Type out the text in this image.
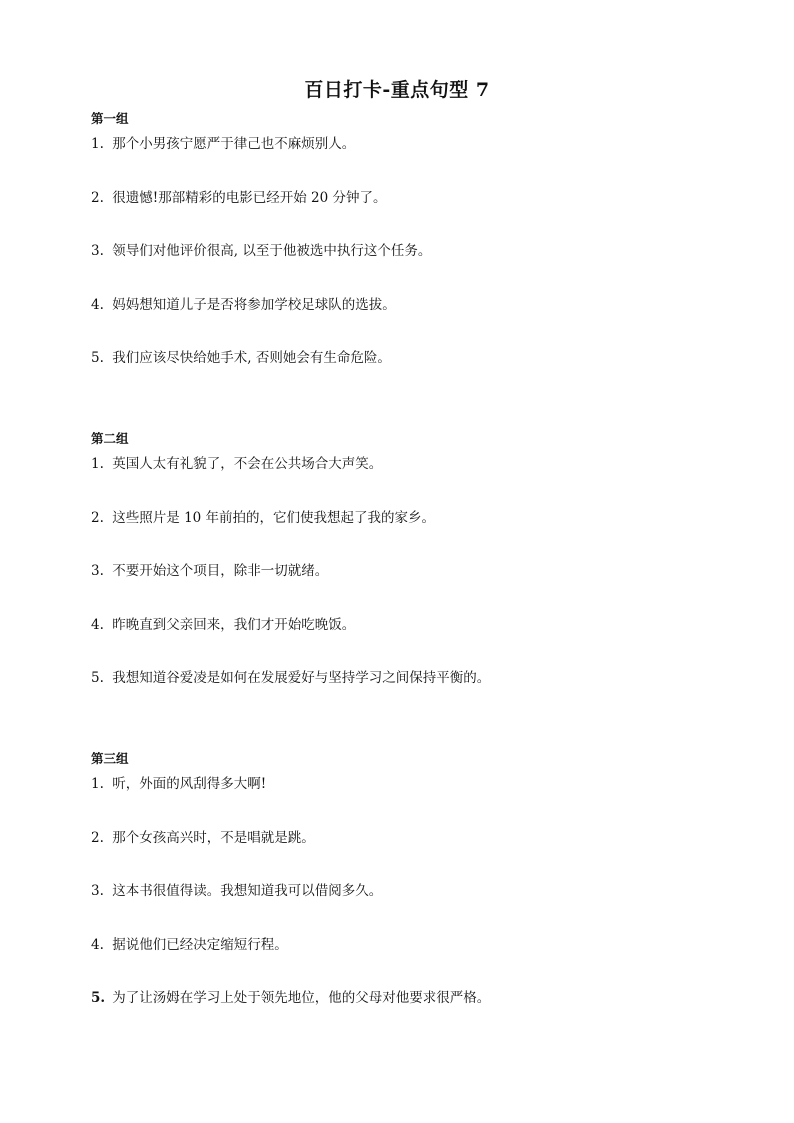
百日打卡-重点句型 7
第一组
1. 那个小男孩宁愿严于律己也不麻烦别人。
2. 很遗憾!那部精彩的电影已经开始 20 分钟了。
3. 领导们对他评价很高, 以至于他被选中执行这个任务。
4. 妈妈想知道儿子是否将参加学校足球队的选拔。
5. 我们应该尽快给她手术, 否则她会有生命危险。
第二组
1. 英国人太有礼貌了，不会在公共场合大声笑。
2. 这些照片是 10 年前拍的，它们使我想起了我的家乡。
3. 不要开始这个项目，除非一切就绪。
4. 昨晚直到父亲回来，我们才开始吃晚饭。
5. 我想知道谷爱凌是如何在发展爱好与坚持学习之间保持平衡的。
第三组
1. 听，外面的风刮得多大啊!
2. 那个女孩高兴时，不是唱就是跳。
3. 这本书很值得读。我想知道我可以借阅多久。
4. 据说他们已经决定缩短行程。
5. 为了让汤姆在学习上处于领先地位，他的父母对他要求很严格。
